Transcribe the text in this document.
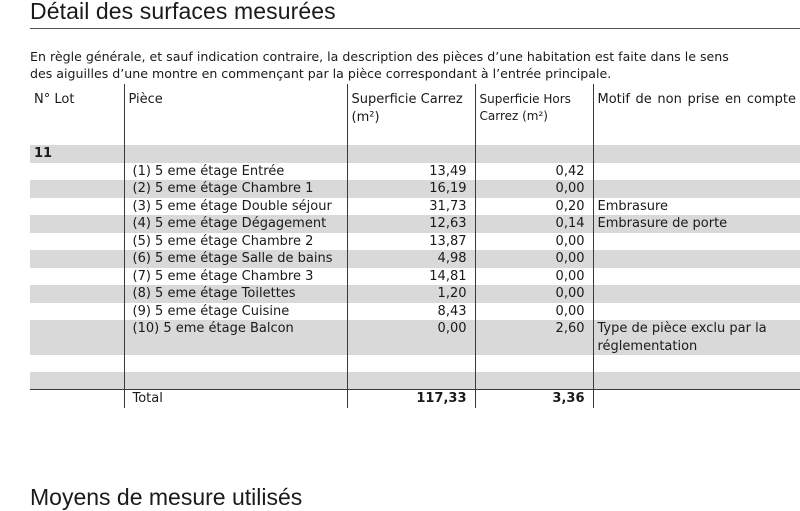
Détail des surfaces mesurées
En règle générale, et sauf indication contraire, la description des pièces d’une habitation est faite dans le sens
des aiguilles d’une montre en commençant par la pièce correspondant à l’entrée principale.
N° Lot	Pièce	Superficie Carrez (m²)	Superficie Hors Carrez (m²)	Motif de non prise en compte
11				
	(1) 5 eme étage Entrée	13,49	0,42	
	(2) 5 eme étage Chambre 1	16,19	0,00	
	(3) 5 eme étage Double séjour	31,73	0,20	Embrasure
	(4) 5 eme étage Dégagement	12,63	0,14	Embrasure de porte
	(5) 5 eme étage Chambre 2	13,87	0,00	
	(6) 5 eme étage Salle de bains	4,98	0,00	
	(7) 5 eme étage Chambre 3	14,81	0,00	
	(8) 5 eme étage Toilettes	1,20	0,00	
	(9) 5 eme étage Cuisine	8,43	0,00	
	(10) 5 eme étage Balcon	0,00	2,60	Type de pièce exclu par la réglementation

	Total	117,33	3,36	
Moyens de mesure utilisés
